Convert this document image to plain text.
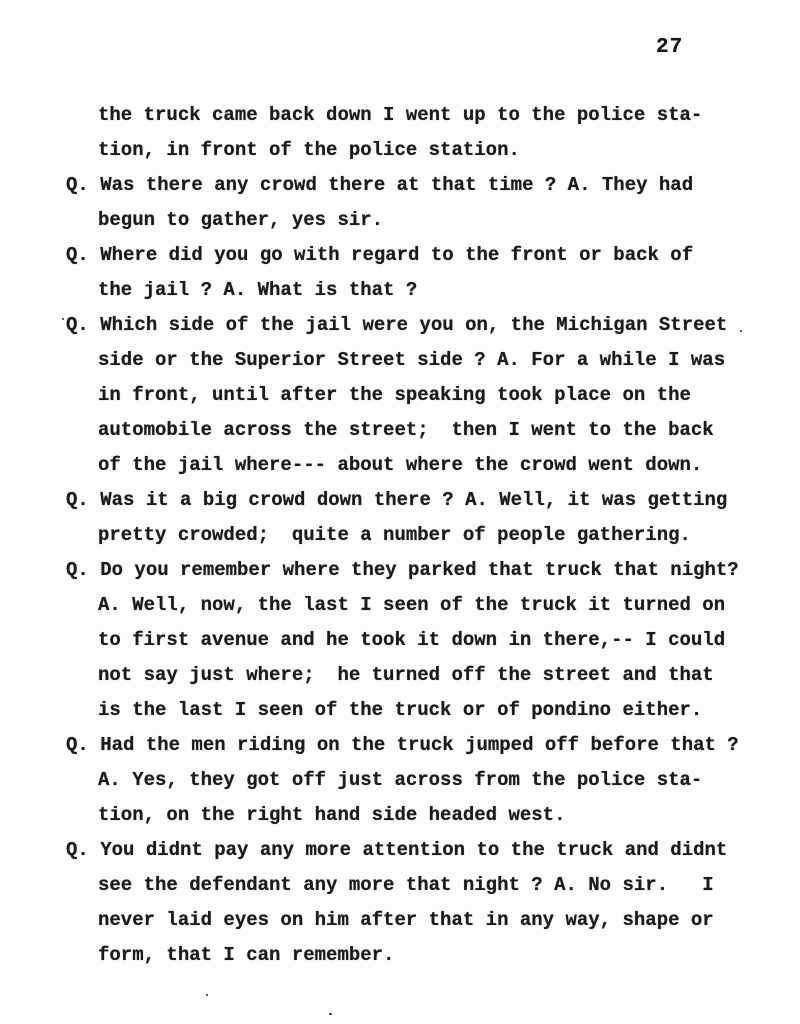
27
the truck came back down I went up to the police sta-
tion, in front of the police station.
Q. Was there any crowd there at that time ? A. They had
begun to gather, yes sir.
Q. Where did you go with regard to the front or back of
the jail ? A. What is that ?
Q. Which side of the jail were you on, the Michigan Street
side or the Superior Street side ? A. For a while I was
in front, until after the speaking took place on the
automobile across the street;  then I went to the back
of the jail where--- about where the crowd went down.
Q. Was it a big crowd down there ? A. Well, it was getting
pretty crowded;  quite a number of people gathering.
Q. Do you remember where they parked that truck that night?
A. Well, now, the last I seen of the truck it turned on
to first avenue and he took it down in there,-- I could
not say just where;  he turned off the street and that
is the last I seen of the truck or of pondino either.
Q. Had the men riding on the truck jumped off before that ?
A. Yes, they got off just across from the police sta-
tion, on the right hand side headed west.
Q. You didnt pay any more attention to the truck and didnt
see the defendant any more that night ? A. No sir.   I
never laid eyes on him after that in any way, shape or
form, that I can remember.
